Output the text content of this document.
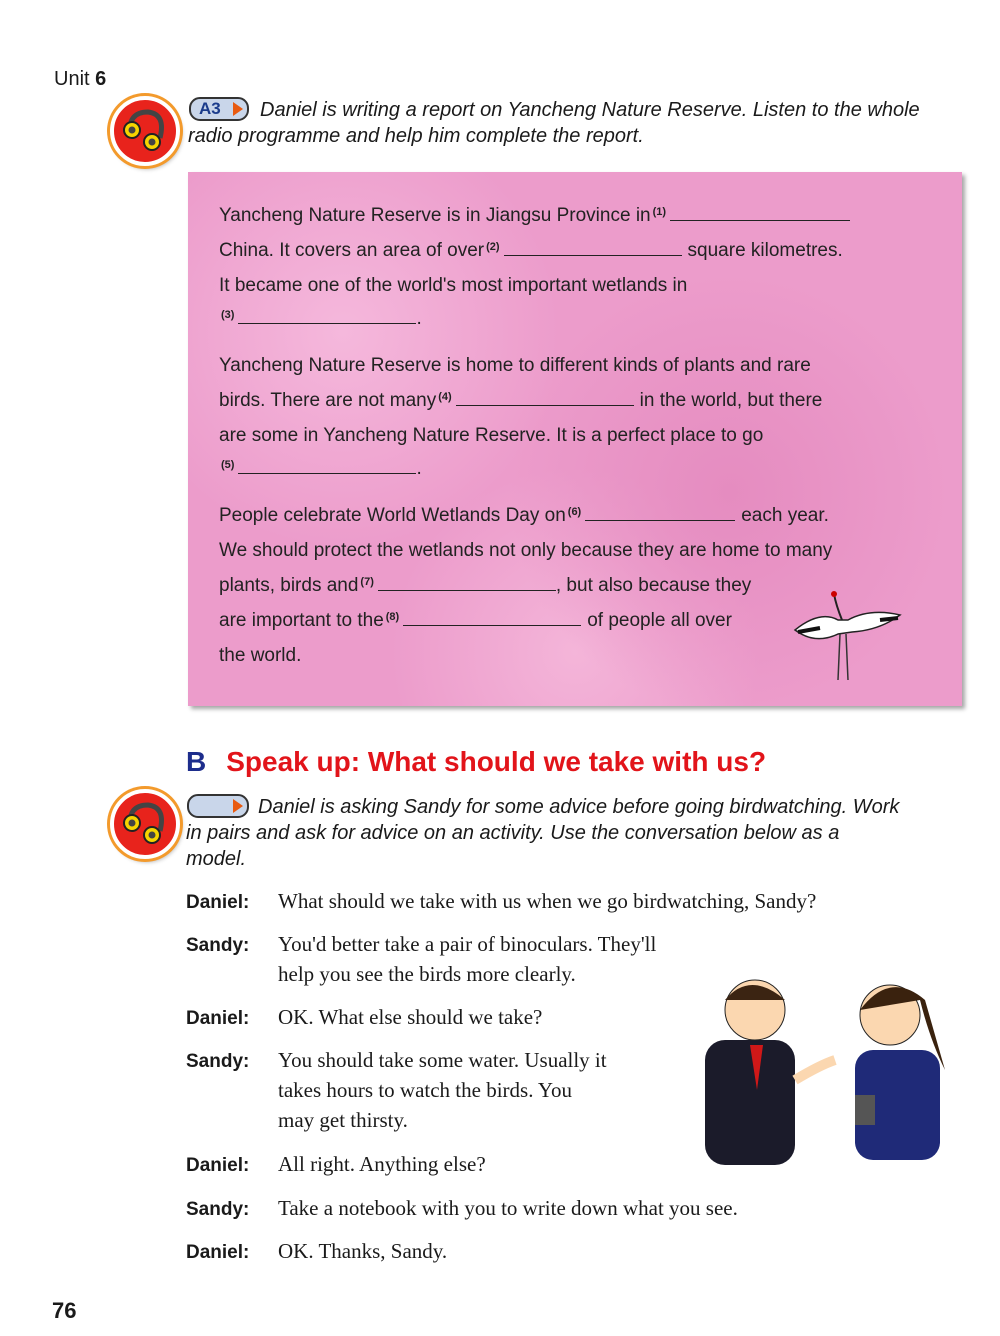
Unit 6
A3	Daniel is writing a report on Yancheng Nature Reserve. Listen to the whole
radio programme and help him complete the report.
Yancheng Nature Reserve is in Jiangsu Province in $^{(1)}$
China. It covers an area of over $^{(2)}$	square kilometres.
It became one of the world's most important wetlands in
$^{(3)}$	.
Yancheng Nature Reserve is home to different kinds of plants and rare
birds. There are not many $^{(4)}$	in the world, but there
are some in Yancheng Nature Reserve. It is a perfect place to go
$^{(5)}$	.
People celebrate World Wetlands Day on $^{(6)}$	each year.
We should protect the wetlands not only because they are home to many
plants, birds and $^{(7)}$	, but also because they
are important to the $^{(8)}$	of people all over
the world.
B Speak up: What should we take with us?
Daniel is asking Sandy for some advice before going birdwatching. Work
in pairs and ask for advice on an activity. Use the conversation below as a
model.
Daniel: What should we take with us when we go birdwatching, Sandy?
Sandy: You'd better take a pair of binoculars. They'll
help you see the birds more clearly.
Daniel: OK. What else should we take?
Sandy: You should take some water. Usually it
takes hours to watch the birds. You
may get thirsty.
Daniel: All right. Anything else?
Sandy: Take a notebook with you to write down what you see.
Daniel: OK. Thanks, Sandy.
76
